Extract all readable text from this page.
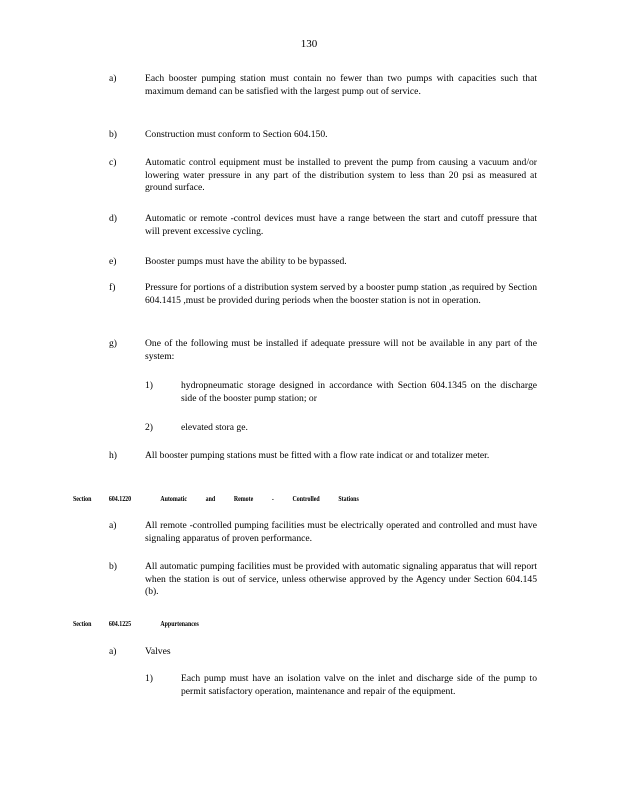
130
a)	Each booster pumping station must contain no fewer than two pumps with capacities such that maximum demand can be satisfied with the largest pump out of service.
b)	Construction must conform to Section 604.150.
c)	Automatic control equipment must be installed to prevent the pump from causing a vacuum and/or lowering water pressure in any part of the distribution system to less than 20 psi as measured at ground surface.
d)	Automatic or remote -control devices must have a range between the start and cutoff pressure that will prevent excessive cycling.
e)	Booster pumps must have the ability to be bypassed.
f)	Pressure for portions of a distribution system served by a booster pump station ,as required by Section 604.1415 ,must be provided during periods when the booster station is not in operation.
g)	One of the following must be installed if adequate pressure will not be available in any part of the system:
1)	hydropneumatic storage designed in accordance with Section 604.1345 on the discharge side of the booster pump station; or
2)	elevated stora ge.
h)	All booster pumping stations must be fitted with a flow rate indicat or and totalizer meter.
Section 604.1220	Automatic and Remote - Controlled Stations
a)	All remote -controlled pumping facilities must be electrically operated and controlled and must have signaling apparatus of proven performance.
b)	All automatic pumping facilities must be provided with automatic signaling apparatus that will report when the station is out of service, unless otherwise approved by the Agency under Section 604.145 (b).
Section 604.1225	Appurtenances
a)	Valves
1)	Each pump must have an isolation valve on the inlet and discharge side of the pump to permit satisfactory operation, maintenance and repair of the equipment.
